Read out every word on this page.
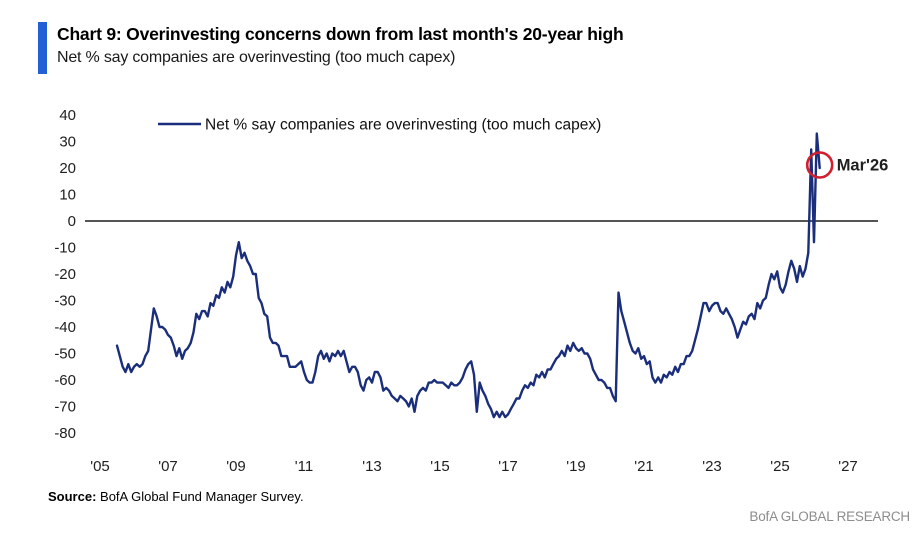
Chart 9: Overinvesting concerns down from last month's 20-year high
Net % say companies are overinvesting (too much capex)
40
30
20
10
0
-10
-20
-30
-40
-50
-60
-70
-80
'05	'07	'09	'11	'13	'15	'17	'19	'21	'23	'25	'27
Net % say companies are overinvesting (too much capex)
Mar'26
Source: BofA Global Fund Manager Survey.
BofA GLOBAL RESEARCH
